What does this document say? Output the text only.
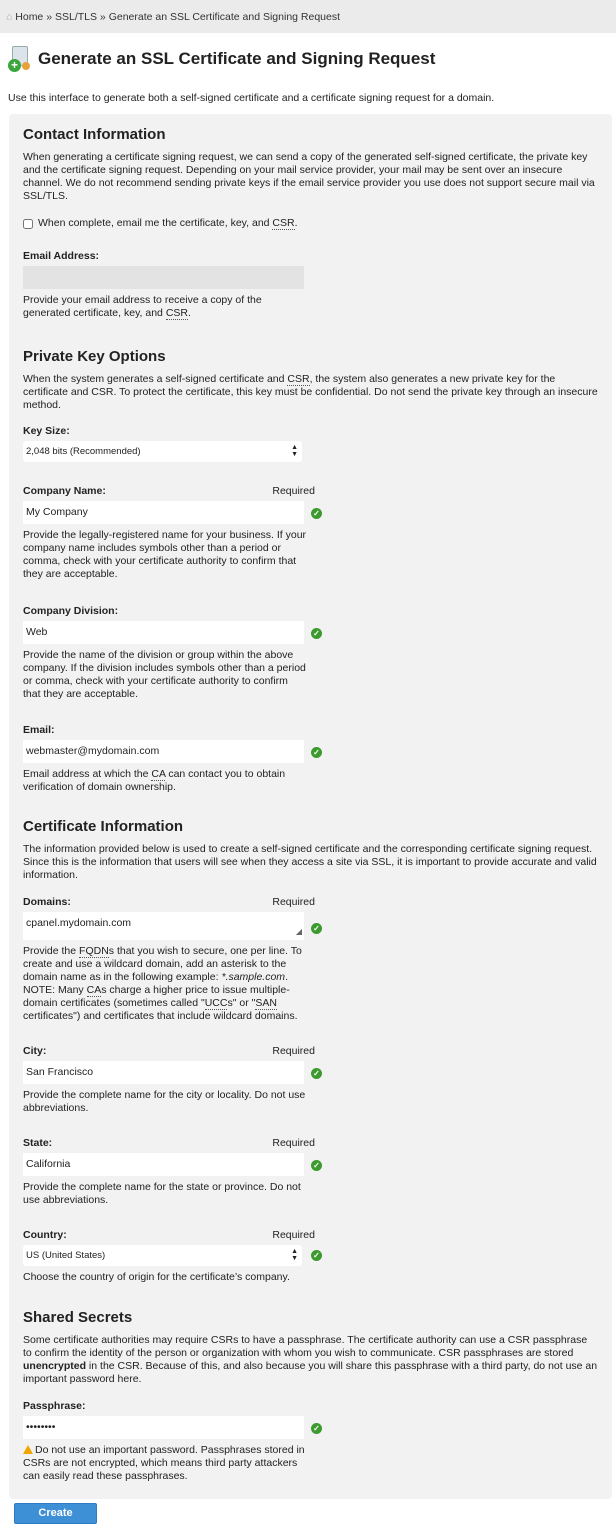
⌂ Home » SSL/TLS » Generate an SSL Certificate and Signing Request
+ Generate an SSL Certificate and Signing Request
Use this interface to generate both a self-signed certificate and a certificate signing request for a domain.
Contact Information

When generating a certificate signing request, we can send a copy of the generated self-signed certificate, the private key and the certificate signing request. Depending on your mail service provider, your mail may be sent over an insecure channel. We do not recommend sending private keys if the email service provider you use does not support secure mail via SSL/TLS.

When complete, email me the certificate, key, and CSR.
Email Address:

Provide your email address to receive a copy of the generated certificate, key, and CSR.

Private Key Options

When the system generates a self-signed certificate and CSR, the system also generates a new private key for the certificate and CSR. To protect the certificate, this key must be confidential. Do not send the private key through an insecure method.

Key Size:
2,048 bits (Recommended)	▲
▼
Company Name:	Required
My Company	✓

Provide the legally-registered name for your business. If your company name includes symbols other than a period or comma, check with your certificate authority to confirm that they are acceptable.

Company Division:
Web	✓

Provide the name of the division or group within the above company. If the division includes symbols other than a period or comma, check with your certificate authority to confirm that they are acceptable.

Email:
webmaster@mydomain.com	✓

Email address at which the CA can contact you to obtain verification of domain ownership.

Certificate Information

The information provided below is used to create a self-signed certificate and the corresponding certificate signing request. Since this is the information that users will see when they access a site via SSL, it is important to provide accurate and valid information.

Domains:	Required
cpanel.mydomain.com
◢ ✓

Provide the FQDNs that you wish to secure, one per line. To create and use a wildcard domain, add an asterisk to the domain name as in the following example: *.sample.com. NOTE: Many CAs charge a higher price to issue multiple-domain certificates (sometimes called "UCCs" or "SAN certificates") and certificates that include wildcard domains.

City:	Required
San Francisco	✓

Provide the complete name for the city or locality. Do not use abbreviations.

State:	Required
California	✓

Provide the complete name for the state or province. Do not use abbreviations.

Country:	Required
US (United States)	▲
▼ ✓

Choose the country of origin for the certificate’s company.

Shared Secrets

Some certificate authorities may require CSRs to have a passphrase. The certificate authority can use a CSR passphrase to confirm the identity of the person or organization with whom you wish to communicate. CSR passphrases are stored unencrypted in the CSR. Because of this, and also because you will share this passphrase with a third party, do not use an important password here.

Passphrase:
••••••••	✓

Do not use an important password. Passphrases stored in CSRs are not encrypted, which means third party attackers can easily read these passphrases.

Create
